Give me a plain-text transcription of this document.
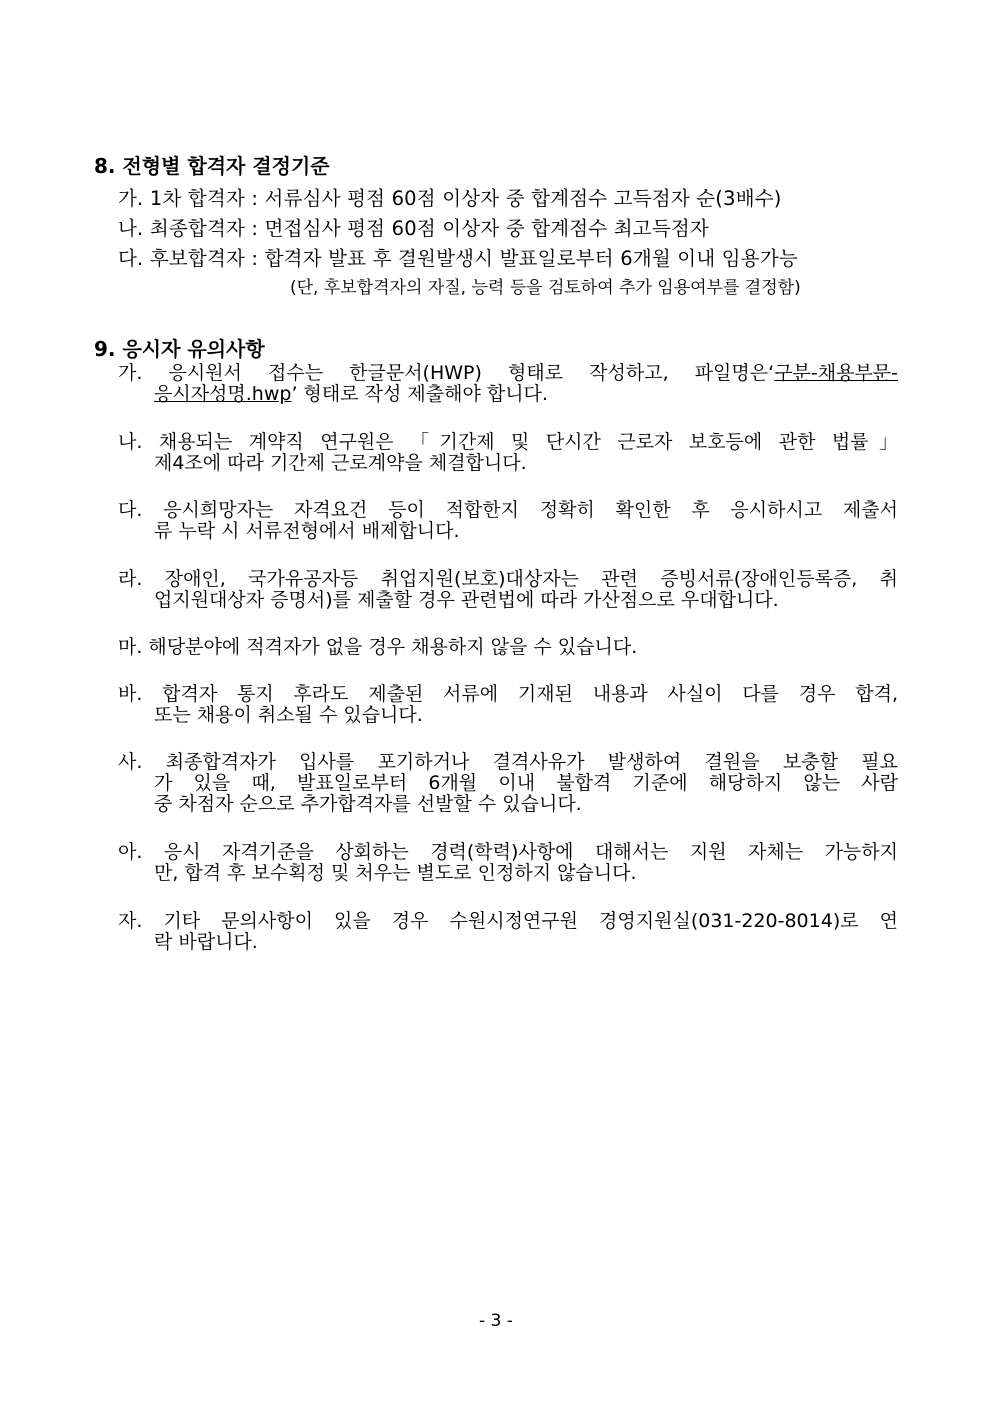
8. 전형별 합격자 결정기준
가. 1차 합격자 : 서류심사 평점 60점 이상자 중 합계점수 고득점자 순(3배수)
나. 최종합격자 : 면접심사 평점 60점 이상자 중 합계점수 최고득점자
다. 후보합격자 : 합격자 발표 후 결원발생시 발표일로부터 6개월 이내 임용가능
(단, 후보합격자의 자질, 능력 등을 검토하여 추가 임용여부를 결정함)
9. 응시자 유의사항
가. 응시원서 접수는 한글문서(HWP) 형태로 작성하고, 파일명은‘구분-채용부문-
응시자성명.hwp’ 형태로 작성 제출해야 합니다.
나. 채용되는 계약직 연구원은 「기간제 및 단시간 근로자 보호등에 관한 법률」
제4조에 따라 기간제 근로계약을 체결합니다.
다. 응시희망자는 자격요건 등이 적합한지 정확히 확인한 후 응시하시고 제출서
류 누락 시 서류전형에서 배제합니다.
라. 장애인, 국가유공자등 취업지원(보호)대상자는 관련 증빙서류(장애인등록증, 취
업지원대상자 증명서)를 제출할 경우 관련법에 따라 가산점으로 우대합니다.
마. 해당분야에 적격자가 없을 경우 채용하지 않을 수 있습니다.
바. 합격자 통지 후라도 제출된 서류에 기재된 내용과 사실이 다를 경우 합격,
또는 채용이 취소될 수 있습니다.
사. 최종합격자가 입사를 포기하거나 결격사유가 발생하여 결원을 보충할 필요
가 있을 때, 발표일로부터 6개월 이내 불합격 기준에 해당하지 않는 사람
중 차점자 순으로 추가합격자를 선발할 수 있습니다.
아. 응시 자격기준을 상회하는 경력(학력)사항에 대해서는 지원 자체는 가능하지
만, 합격 후 보수획정 및 처우는 별도로 인정하지 않습니다.
자. 기타 문의사항이 있을 경우 수원시정연구원 경영지원실(031-220-8014)로 연
락 바랍니다.
- 3 -
